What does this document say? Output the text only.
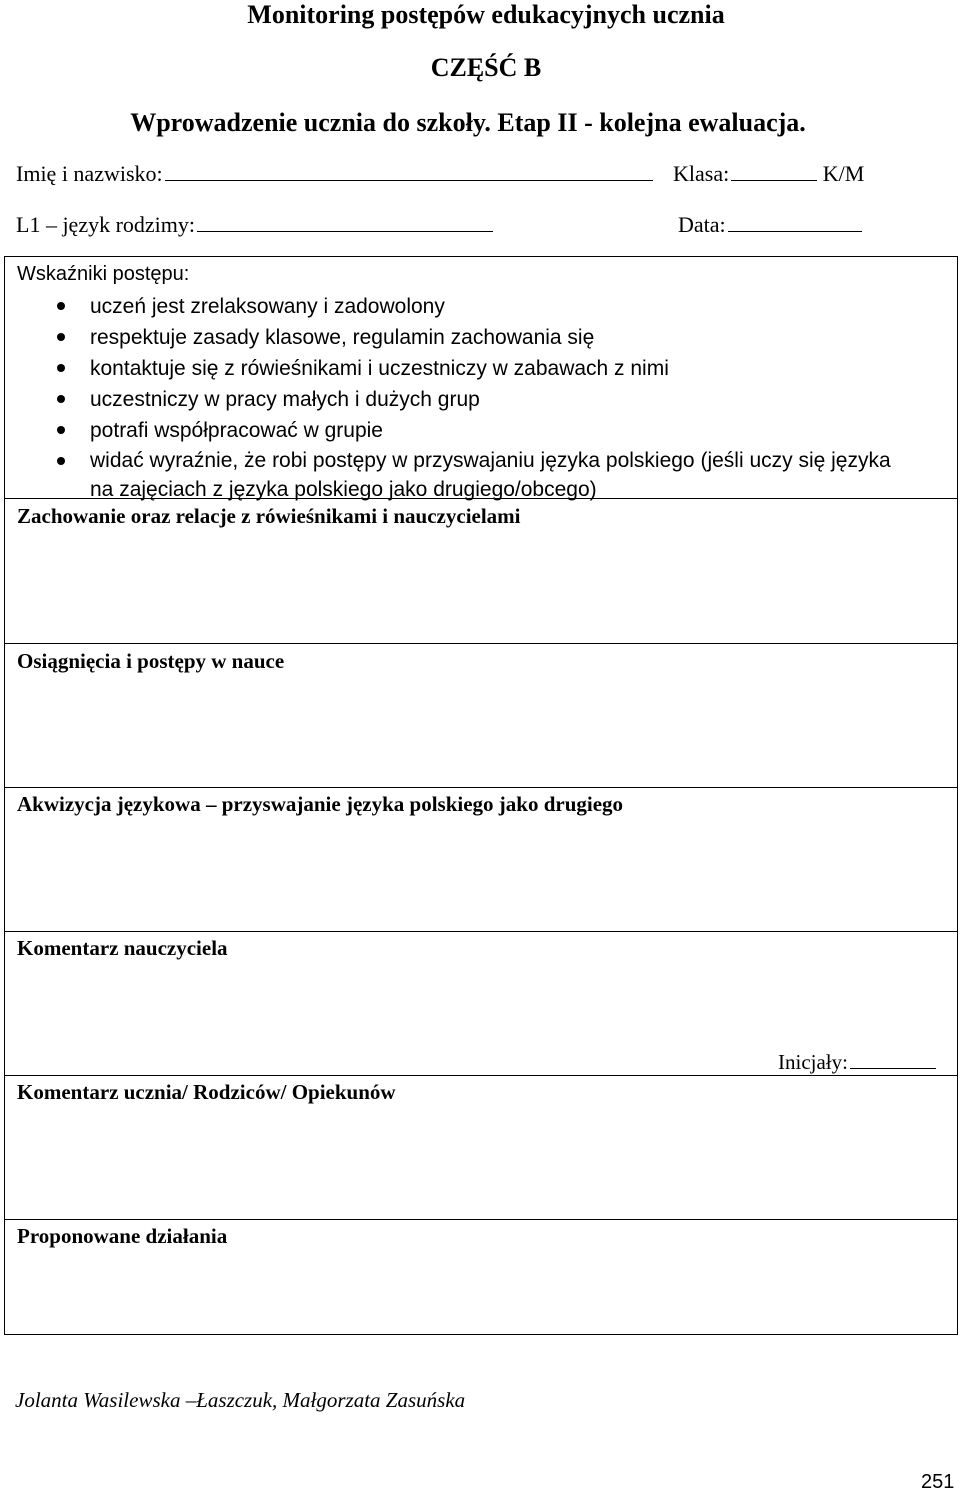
Monitoring postępów edukacyjnych ucznia
CZĘŚĆ B
Wprowadzenie ucznia do szkoły. Etap II - kolejna ewaluacja.
Imię i nazwisko:	Klasa:	K/M
L1 – język rodzimy:	Data:
Wskaźniki postępu:
uczeń jest zrelaksowany i zadowolony
respektuje zasady klasowe, regulamin zachowania się
kontaktuje się z rówieśnikami i uczestniczy w zabawach z nimi
uczestniczy w pracy małych i dużych grup
potrafi współpracować w grupie
widać wyraźnie, że robi postępy w przyswajaniu języka polskiego (jeśli uczy się języka na zajęciach z języka polskiego jako drugiego/obcego)
Zachowanie oraz relacje z rówieśnikami i nauczycielami
Osiągnięcia i postępy w nauce
Akwizycja językowa – przyswajanie języka polskiego jako drugiego
Komentarz nauczyciela
Inicjały:
Komentarz ucznia/ Rodziców/ Opiekunów
Proponowane działania
Jolanta Wasilewska –Łaszczuk, Małgorzata Zasuńska
251
